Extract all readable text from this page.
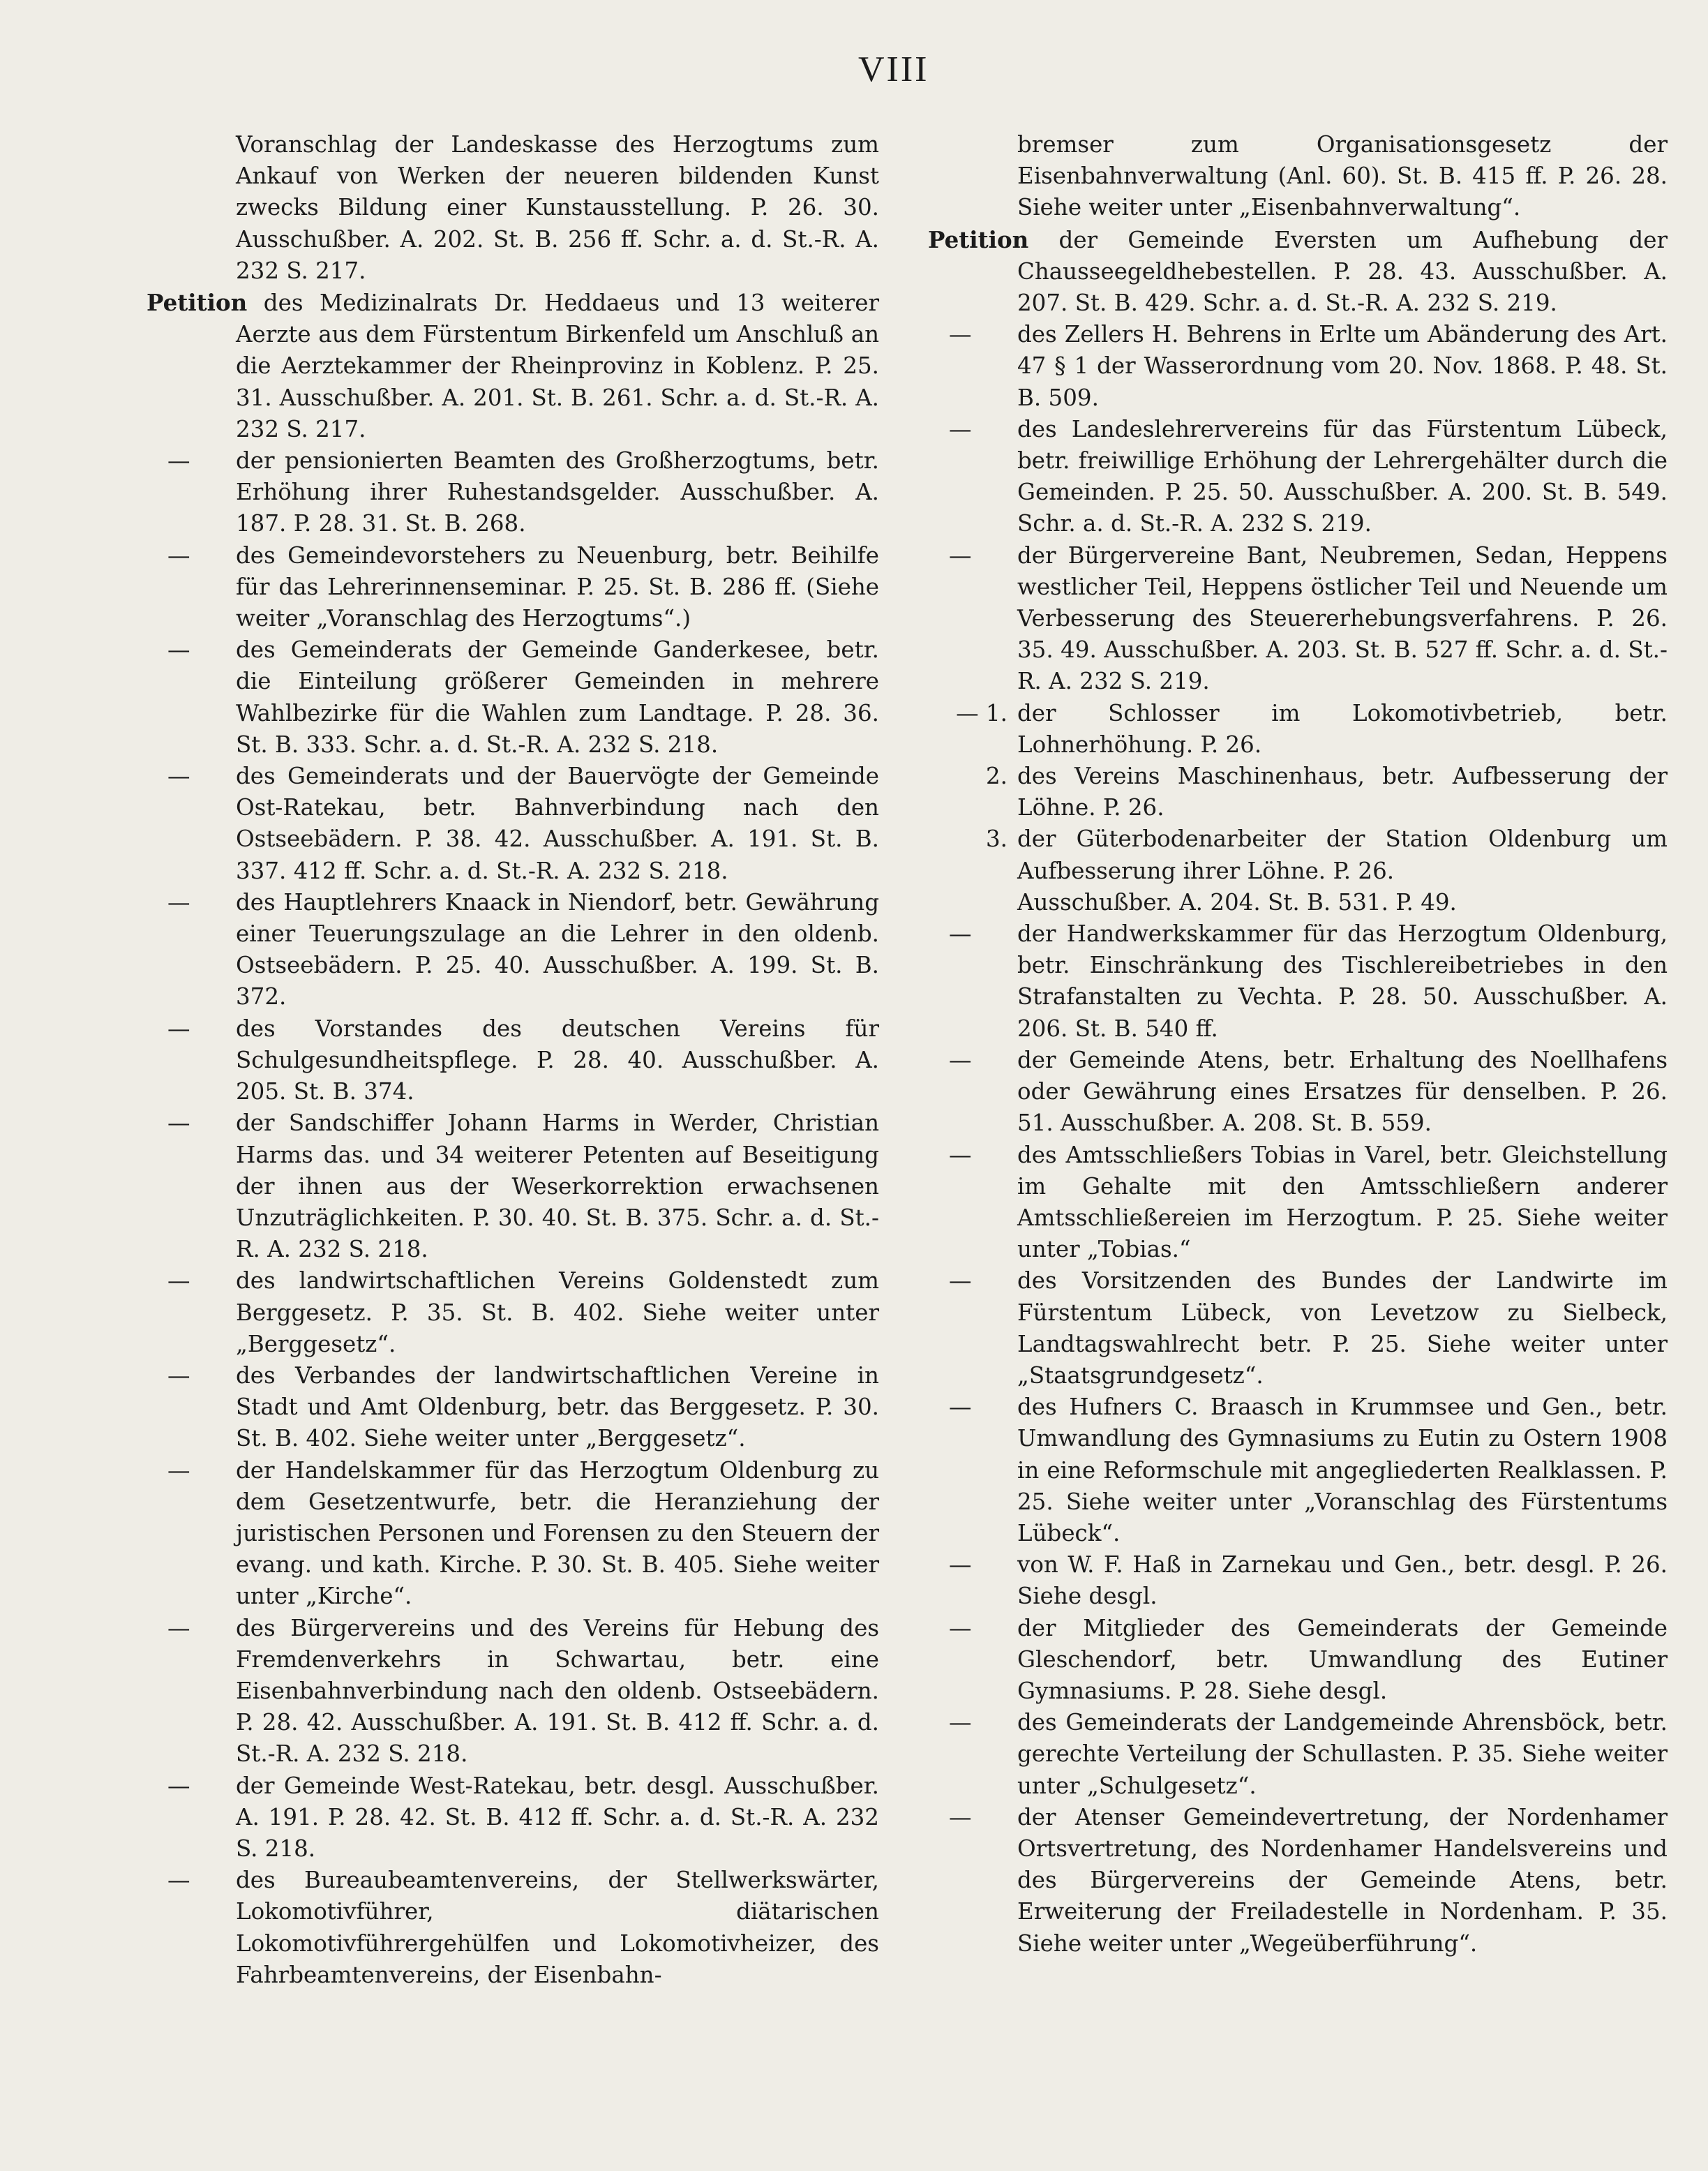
VIII

Voranschlag der Landeskasse des Herzogtums zum Ankauf von Werken der neueren bildenden Kunst zwecks Bildung einer Kunstausstellung. P. 26. 30. Ausschußber. A. 202. St. B. 256 ff. Schr. a. d. St.-R. A. 232 S. 217.

Petition des Medizinalrats Dr. Heddaeus und 13 weiterer Aerzte aus dem Fürstentum Birkenfeld um Anschluß an die Aerztekammer der Rheinprovinz in Koblenz. P. 25. 31. Ausschußber. A. 201. St. B. 261. Schr. a. d. St.-R. A. 232 S. 217.

—	der pensionierten Beamten des Großherzogtums, betr. Erhöhung ihrer Ruhestandsgelder. Ausschußber. A. 187. P. 28. 31. St. B. 268.

—	des Gemeindevorstehers zu Neuenburg, betr. Beihilfe für das Lehrerinnenseminar. P. 25. St. B. 286 ff. (Siehe weiter „Voranschlag des Herzogtums“.)

—	des Gemeinderats der Gemeinde Ganderkesee, betr. die Einteilung größerer Gemeinden in mehrere Wahlbezirke für die Wahlen zum Landtage. P. 28. 36. St. B. 333. Schr. a. d. St.-R. A. 232 S. 218.

—	des Gemeinderats und der Bauervögte der Gemeinde Ost-Ratekau, betr. Bahnverbindung nach den Ostseebädern. P. 38. 42. Ausschußber. A. 191. St. B. 337. 412 ff. Schr. a. d. St.-R. A. 232 S. 218.

—	des Hauptlehrers Knaack in Niendorf, betr. Gewährung einer Teuerungszulage an die Lehrer in den oldenb. Ostseebädern. P. 25. 40. Ausschußber. A. 199. St. B. 372.

—	des Vorstandes des deutschen Vereins für Schulgesundheitspflege. P. 28. 40. Ausschußber. A. 205. St. B. 374.

—	der Sandschiffer Johann Harms in Werder, Christian Harms das. und 34 weiterer Petenten auf Beseitigung der ihnen aus der Weserkorrektion erwachsenen Unzuträglichkeiten. P. 30. 40. St. B. 375. Schr. a. d. St.-R. A. 232 S. 218.

—	des landwirtschaftlichen Vereins Goldenstedt zum Berggesetz. P. 35. St. B. 402. Siehe weiter unter „Berggesetz“.

—	des Verbandes der landwirtschaftlichen Vereine in Stadt und Amt Oldenburg, betr. das Berggesetz. P. 30. St. B. 402. Siehe weiter unter „Berggesetz“.

—	der Handelskammer für das Herzogtum Oldenburg zu dem Gesetzentwurfe, betr. die Heranziehung der juristischen Personen und Forensen zu den Steuern der evang. und kath. Kirche. P. 30. St. B. 405. Siehe weiter unter „Kirche“.

—	des Bürgervereins und des Vereins für Hebung des Fremdenverkehrs in Schwartau, betr. eine Eisenbahnverbindung nach den oldenb. Ostseebädern. P. 28. 42. Ausschußber. A. 191. St. B. 412 ff. Schr. a. d. St.-R. A. 232 S. 218.

—	der Gemeinde West-Ratekau, betr. desgl. Ausschußber. A. 191. P. 28. 42. St. B. 412 ff. Schr. a. d. St.-R. A. 232 S. 218.

—	des Bureaubeamtenvereins, der Stellwerkswärter, Lokomotivführer, diätarischen Lokomotivführergehülfen und Lokomotivheizer, des Fahrbeamtenvereins, der Eisenbahn-

bremser zum Organisationsgesetz der Eisenbahnverwaltung (Anl. 60). St. B. 415 ff. P. 26. 28. Siehe weiter unter „Eisenbahnverwaltung“.

Petition der Gemeinde Eversten um Aufhebung der Chausseegeldhebestellen. P. 28. 43. Ausschußber. A. 207. St. B. 429. Schr. a. d. St.-R. A. 232 S. 219.

—	des Zellers H. Behrens in Erlte um Abänderung des Art. 47 § 1 der Wasserordnung vom 20. Nov. 1868. P. 48. St. B. 509.

—	des Landeslehrervereins für das Fürstentum Lübeck, betr. freiwillige Erhöhung der Lehrergehälter durch die Gemeinden. P. 25. 50. Ausschußber. A. 200. St. B. 549. Schr. a. d. St.-R. A. 232 S. 219.

—	der Bürgervereine Bant, Neubremen, Sedan, Heppens westlicher Teil, Heppens östlicher Teil und Neuende um Verbesserung des Steuererhebungsverfahrens. P. 26. 35. 49. Ausschußber. A. 203. St. B. 527 ff. Schr. a. d. St.-R. A. 232 S. 219.

— 1. der Schlosser im Lokomotivbetrieb, betr. Lohnerhöhung. P. 26.

2. des Vereins Maschinenhaus, betr. Aufbesserung der Löhne. P. 26.

3. der Güterbodenarbeiter der Station Oldenburg um Aufbesserung ihrer Löhne. P. 26.

Ausschußber. A. 204. St. B. 531. P. 49.

—	der Handwerkskammer für das Herzogtum Oldenburg, betr. Einschränkung des Tischlereibetriebes in den Strafanstalten zu Vechta. P. 28. 50. Ausschußber. A. 206. St. B. 540 ff.

—	der Gemeinde Atens, betr. Erhaltung des Noellhafens oder Gewährung eines Ersatzes für denselben. P. 26. 51. Ausschußber. A. 208. St. B. 559.

—	des Amtsschließers Tobias in Varel, betr. Gleichstellung im Gehalte mit den Amtsschließern anderer Amtsschließereien im Herzogtum. P. 25. Siehe weiter unter „Tobias.“

—	des Vorsitzenden des Bundes der Landwirte im Fürstentum Lübeck, von Levetzow zu Sielbeck, Landtagswahlrecht betr. P. 25. Siehe weiter unter „Staatsgrundgesetz“.

—	des Hufners C. Braasch in Krummsee und Gen., betr. Umwandlung des Gymnasiums zu Eutin zu Ostern 1908 in eine Reformschule mit angegliederten Realklassen. P. 25. Siehe weiter unter „Voranschlag des Fürstentums Lübeck“.

—	von W. F. Haß in Zarnekau und Gen., betr. desgl. P. 26. Siehe desgl.

—	der Mitglieder des Gemeinderats der Gemeinde Gleschendorf, betr. Umwandlung des Eutiner Gymnasiums. P. 28. Siehe desgl.

—	des Gemeinderats der Landgemeinde Ahrensböck, betr. gerechte Verteilung der Schullasten. P. 35. Siehe weiter unter „Schulgesetz“.

—	der Atenser Gemeindevertretung, der Nordenhamer Ortsvertretung, des Nordenhamer Handelsvereins und des Bürgervereins der Gemeinde Atens, betr. Erweiterung der Freiladestelle in Nordenham. P. 35. Siehe weiter unter „Wegeüberführung“.
